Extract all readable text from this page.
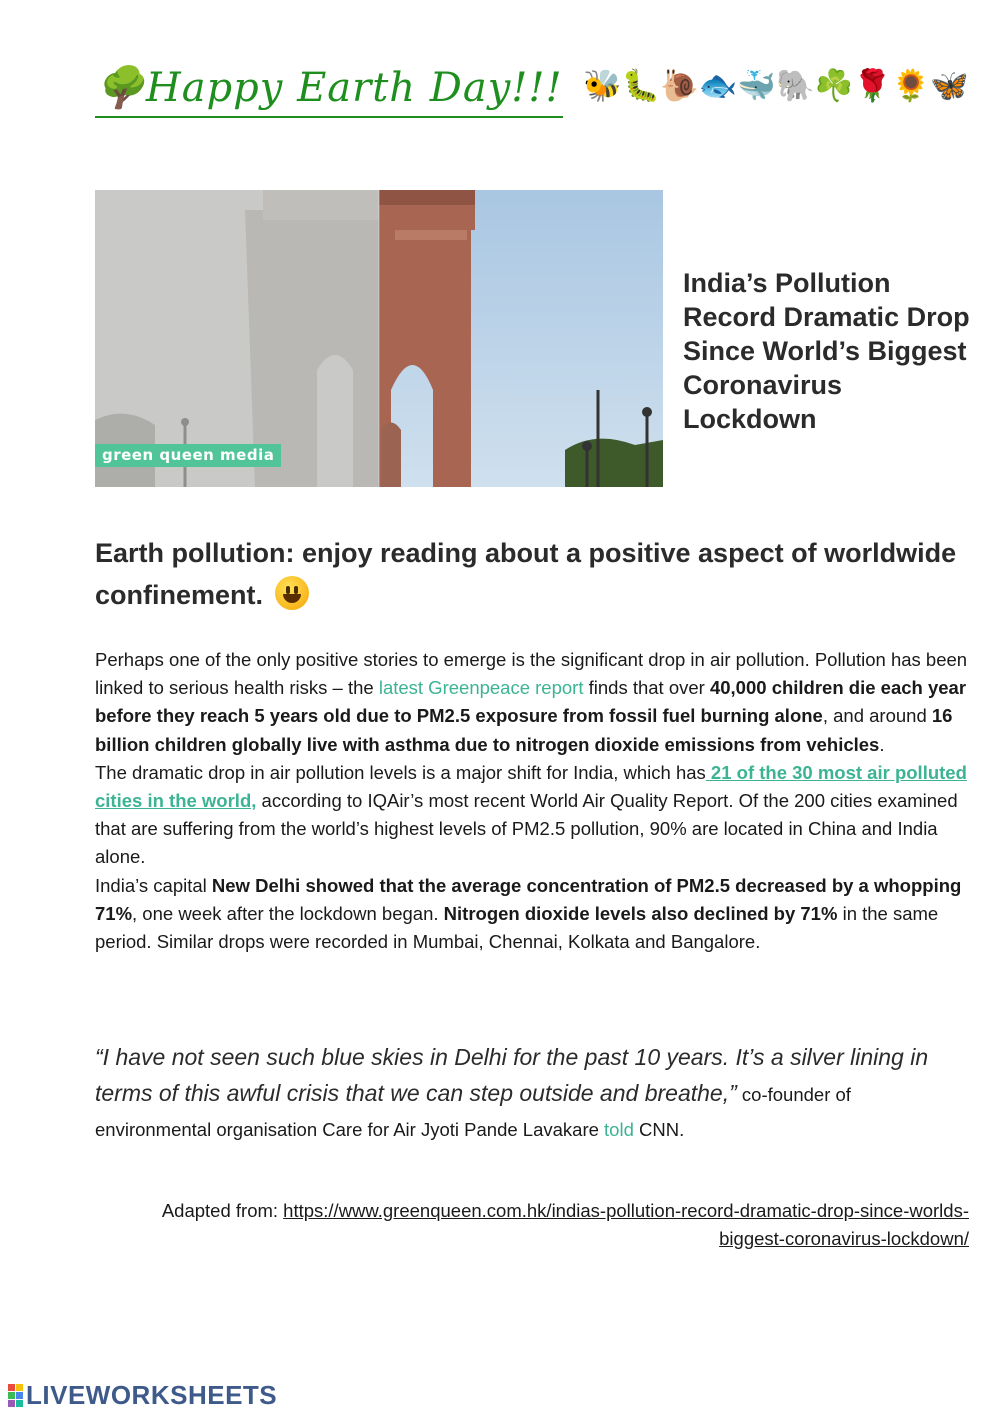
🌳Happy Earth Day!!! 🐝🐛🐌🐟🐳🐘☘️🌹🌻🦋
green queen media
India’s Pollution Record Dramatic Drop Since World’s Biggest Coronavirus Lockdown
Earth pollution: enjoy reading about a positive aspect of worldwide confinement.

Perhaps one of the only positive stories to emerge is the significant drop in air pollution. Pollution has been linked to serious health risks – the latest Greenpeace report finds that over 40,000 children die each year before they reach 5 years old due to PM2.5 exposure from fossil fuel burning alone, and around 16 billion children globally live with asthma due to nitrogen dioxide emissions from vehicles.

The dramatic drop in air pollution levels is a major shift for India, which has 21 of the 30 most air polluted cities in the world, according to IQAir’s most recent World Air Quality Report. Of the 200 cities examined that are suffering from the world’s highest levels of PM2.5 pollution, 90% are located in China and India alone.

India’s capital New Delhi showed that the average concentration of PM2.5 decreased by a whopping 71%, one week after the lockdown began. Nitrogen dioxide levels also declined by 71% in the same period. Similar drops were recorded in Mumbai, Chennai, Kolkata and Bangalore.

“I have not seen such blue skies in Delhi for the past 10 years. It’s a silver lining in terms of this awful crisis that we can step outside and breathe,” co-founder of environmental organisation Care for Air Jyoti Pande Lavakare told CNN.
Adapted from: https://www.greenqueen.com.hk/indias-pollution-record-dramatic-drop-since-worlds-biggest-coronavirus-lockdown/
LIVEWORKSHEETS
